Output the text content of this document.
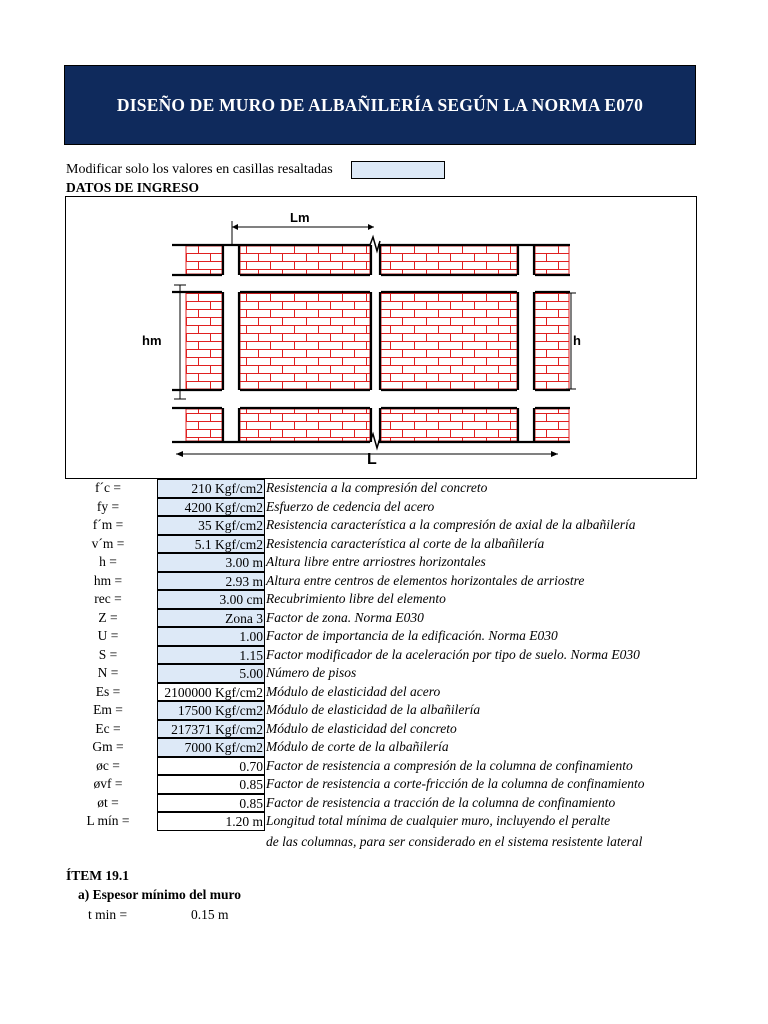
DISEÑO DE MURO DE ALBAÑILERÍA SEGÚN LA NORMA E070
Modificar solo los valores en casillas resaltadas
DATOS DE INGRESO
Lm
hm	h
L
f´c =	210 Kgf/cm2 Resistencia a la compresión del concreto
fy =	4200 Kgf/cm2 Esfuerzo de cedencia del acero
f´m =	35 Kgf/cm2 Resistencia característica a la compresión de axial de la albañilería
v´m =	5.1 Kgf/cm2 Resistencia característica al corte de la albañilería
h =	3.00 m Altura libre entre arriostres horizontales
hm =	2.93 m Altura entre centros de elementos horizontales de arriostre
rec =	3.00 cm Recubrimiento libre del elemento
Z =	Zona 3 Factor de zona. Norma E030
U =	1.00 Factor de importancia de la edificación. Norma E030
S =	1.15 Factor modificador de la aceleración por tipo de suelo. Norma E030
N =	5.00 Número de pisos
Es =	2100000 Kgf/cm2 Módulo de elasticidad del acero
Em =	17500 Kgf/cm2 Módulo de elasticidad de la albañilería
Ec =	217371 Kgf/cm2 Módulo de elasticidad del concreto
Gm =	7000 Kgf/cm2 Módulo de corte de la albañilería
øc =	0.70 Factor de resistencia a compresión de la columna de confinamiento
øvf =	0.85 Factor de resistencia a corte-fricción de la columna de confinamiento
øt =	0.85 Factor de resistencia a tracción de la columna de confinamiento
L mín =	1.20 m Longitud total mínima de cualquier muro, incluyendo el peralte
de las columnas, para ser considerado en el sistema resistente lateral
ÍTEM 19.1
a) Espesor mínimo del muro
t min =	0.15 m
